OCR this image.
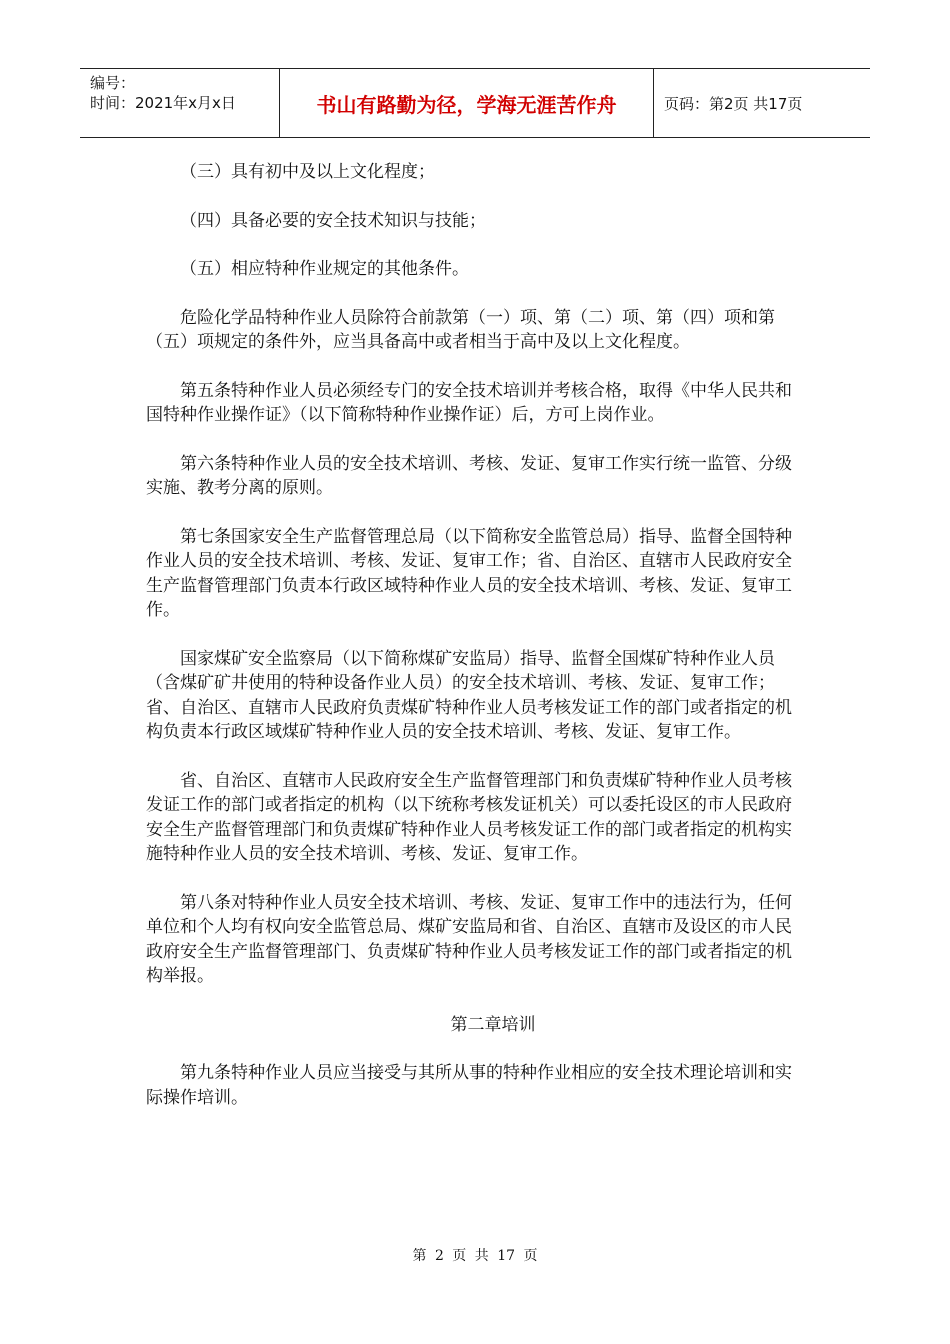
编号：
时间：2021年x月x日	书山有路勤为径，学海无涯苦作舟	页码：第2页 共17页

（三）具有初中及以上文化程度；

（四）具备必要的安全技术知识与技能；

（五）相应特种作业规定的其他条件。

危险化学品特种作业人员除符合前款第（一）项、第（二）项、第（四）项和第（五）项规定的条件外，应当具备高中或者相当于高中及以上文化程度。

第五条特种作业人员必须经专门的安全技术培训并考核合格，取得《中华人民共和国特种作业操作证》（以下简称特种作业操作证）后，方可上岗作业。

第六条特种作业人员的安全技术培训、考核、发证、复审工作实行统一监管、分级实施、教考分离的原则。

第七条国家安全生产监督管理总局（以下简称安全监管总局）指导、监督全国特种作业人员的安全技术培训、考核、发证、复审工作；省、自治区、直辖市人民政府安全生产监督管理部门负责本行政区域特种作业人员的安全技术培训、考核、发证、复审工作。

国家煤矿安全监察局（以下简称煤矿安监局）指导、监督全国煤矿特种作业人员（含煤矿矿井使用的特种设备作业人员）的安全技术培训、考核、发证、复审工作；省、自治区、直辖市人民政府负责煤矿特种作业人员考核发证工作的部门或者指定的机构负责本行政区域煤矿特种作业人员的安全技术培训、考核、发证、复审工作。

省、自治区、直辖市人民政府安全生产监督管理部门和负责煤矿特种作业人员考核发证工作的部门或者指定的机构（以下统称考核发证机关）可以委托设区的市人民政府安全生产监督管理部门和负责煤矿特种作业人员考核发证工作的部门或者指定的机构实施特种作业人员的安全技术培训、考核、发证、复审工作。

第八条对特种作业人员安全技术培训、考核、发证、复审工作中的违法行为，任何单位和个人均有权向安全监管总局、煤矿安监局和省、自治区、直辖市及设区的市人民政府安全生产监督管理部门、负责煤矿特种作业人员考核发证工作的部门或者指定的机构举报。

第二章培训

第九条特种作业人员应当接受与其所从事的特种作业相应的安全技术理论培训和实际操作培训。

第 2 页 共 17 页
